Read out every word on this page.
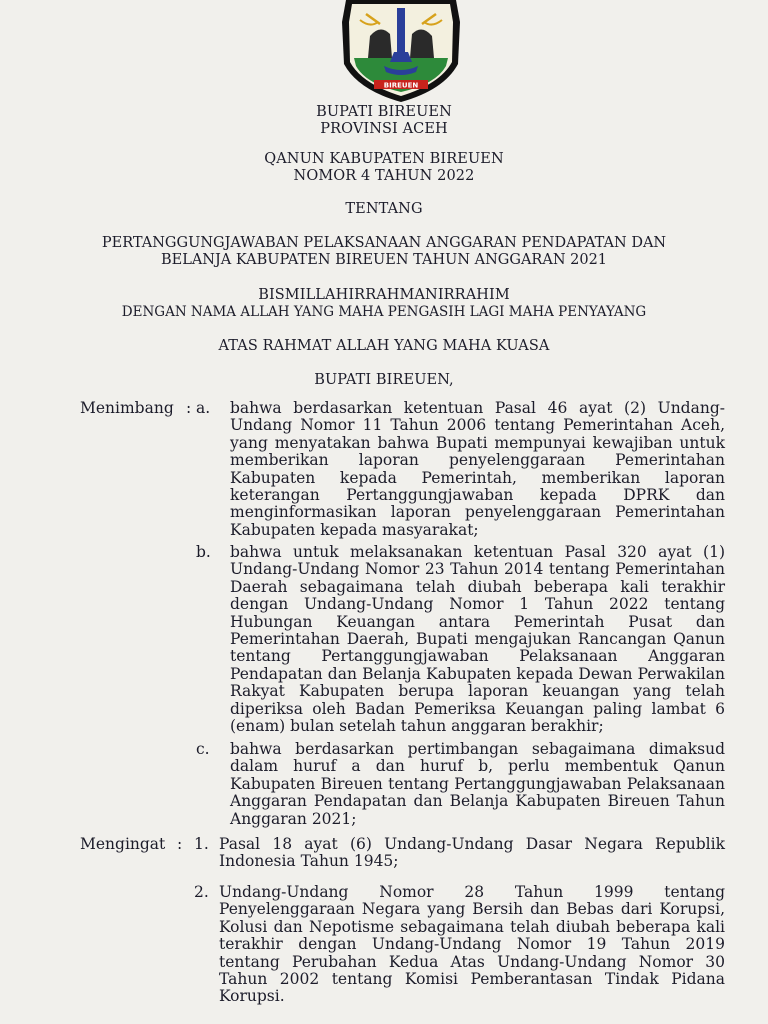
BIREUEN
BUPATI BIREUEN
PROVINSI ACEH
QANUN KABUPATEN BIREUEN
NOMOR 4 TAHUN 2022
TENTANG
PERTANGGUNGJAWABAN PELAKSANAAN ANGGARAN PENDAPATAN DAN
BELANJA KABUPATEN BIREUEN TAHUN ANGGARAN 2021
BISMILLAHIRRAHMANIRRAHIM
DENGAN NAMA ALLAH YANG MAHA PENGASIH LAGI MAHA PENYAYANG
ATAS RAHMAT ALLAH YANG MAHA KUASA
BUPATI BIREUEN,
Menimbang : a. bahwa berdasarkan ketentuan Pasal 46 ayat (2) Undang-Undang Nomor 11 Tahun 2006 tentang Pemerintahan Aceh, yang menyatakan bahwa Bupati mempunyai kewajiban untuk memberikan laporan penyelenggaraan Pemerintahan Kabupaten kepada Pemerintah, memberikan laporan keterangan Pertanggungjawaban kepada DPRK dan menginformasikan laporan penyelenggaraan Pemerintahan Kabupaten kepada masyarakat;
b. bahwa untuk melaksanakan ketentuan Pasal 320 ayat (1) Undang-Undang Nomor 23 Tahun 2014 tentang Pemerintahan Daerah sebagaimana telah diubah beberapa kali terakhir dengan Undang-Undang Nomor 1 Tahun 2022 tentang Hubungan Keuangan antara Pemerintah Pusat dan Pemerintahan Daerah, Bupati mengajukan Rancangan Qanun tentang Pertanggungjawaban Pelaksanaan Anggaran Pendapatan dan Belanja Kabupaten kepada Dewan Perwakilan Rakyat Kabupaten berupa laporan keuangan yang telah diperiksa oleh Badan Pemeriksa Keuangan paling lambat 6 (enam) bulan setelah tahun anggaran berakhir;
c. bahwa berdasarkan pertimbangan sebagaimana dimaksud dalam huruf a dan huruf b, perlu membentuk Qanun Kabupaten Bireuen tentang Pertanggungjawaban Pelaksanaan Anggaran Pendapatan dan Belanja Kabupaten Bireuen Tahun Anggaran 2021;
Mengingat : 1. Pasal 18 ayat (6) Undang-Undang Dasar Negara Republik Indonesia Tahun 1945;
2. Undang-Undang Nomor 28 Tahun 1999 tentang Penyelenggaraan Negara yang Bersih dan Bebas dari Korupsi, Kolusi dan Nepotisme sebagaimana telah diubah beberapa kali terakhir dengan Undang-Undang Nomor 19 Tahun 2019 tentang Perubahan Kedua Atas Undang-Undang Nomor 30 Tahun 2002 tentang Komisi Pemberantasan Tindak Pidana Korupsi.
